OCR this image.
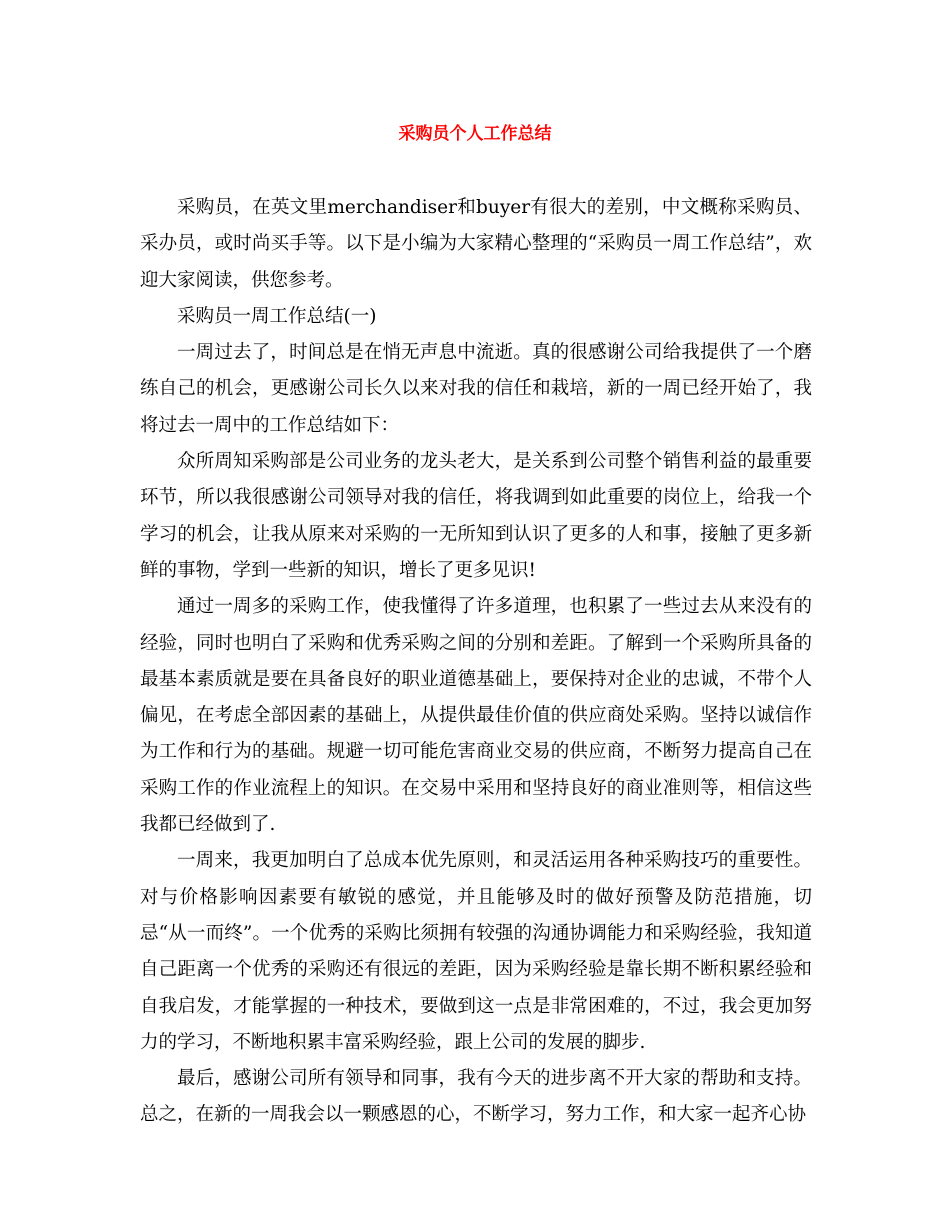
采购员个人工作总结

采购员，在英文里merchandiser和buyer有很大的差别，中文概称采购员、采办员，或时尚买手等。以下是小编为大家精心整理的“采购员一周工作总结”，欢迎大家阅读，供您参考。

采购员一周工作总结(一)

一周过去了，时间总是在悄无声息中流逝。真的很感谢公司给我提供了一个磨练自己的机会，更感谢公司长久以来对我的信任和栽培，新的一周已经开始了，我将过去一周中的工作总结如下：

众所周知采购部是公司业务的龙头老大，是关系到公司整个销售利益的最重要环节，所以我很感谢公司领导对我的信任，将我调到如此重要的岗位上，给我一个学习的机会，让我从原来对采购的一无所知到认识了更多的人和事，接触了更多新鲜的事物，学到一些新的知识，增长了更多见识!

通过一周多的采购工作，使我懂得了许多道理，也积累了一些过去从来没有的经验，同时也明白了采购和优秀采购之间的分别和差距。了解到一个采购所具备的最基本素质就是要在具备良好的职业道德基础上，要保持对企业的忠诚，不带个人偏见，在考虑全部因素的基础上，从提供最佳价值的供应商处采购。坚持以诚信作为工作和行为的基础。规避一切可能危害商业交易的供应商，不断努力提高自己在采购工作的作业流程上的知识。在交易中采用和坚持良好的商业准则等，相信这些我都已经做到了.

一周来，我更加明白了总成本优先原则，和灵活运用各种采购技巧的重要性。对与价格影响因素要有敏锐的感觉，并且能够及时的做好预警及防范措施，切忌“从一而终”。一个优秀的采购比须拥有较强的沟通协调能力和采购经验，我知道自己距离一个优秀的采购还有很远的差距，因为采购经验是靠长期不断积累经验和自我启发，才能掌握的一种技术，要做到这一点是非常困难的，不过，我会更加努力的学习，不断地积累丰富采购经验，跟上公司的发展的脚步.

最后，感谢公司所有领导和同事，我有今天的进步离不开大家的帮助和支持。总之，在新的一周我会以一颗感恩的心，不断学习，努力工作，和大家一起齐心协
